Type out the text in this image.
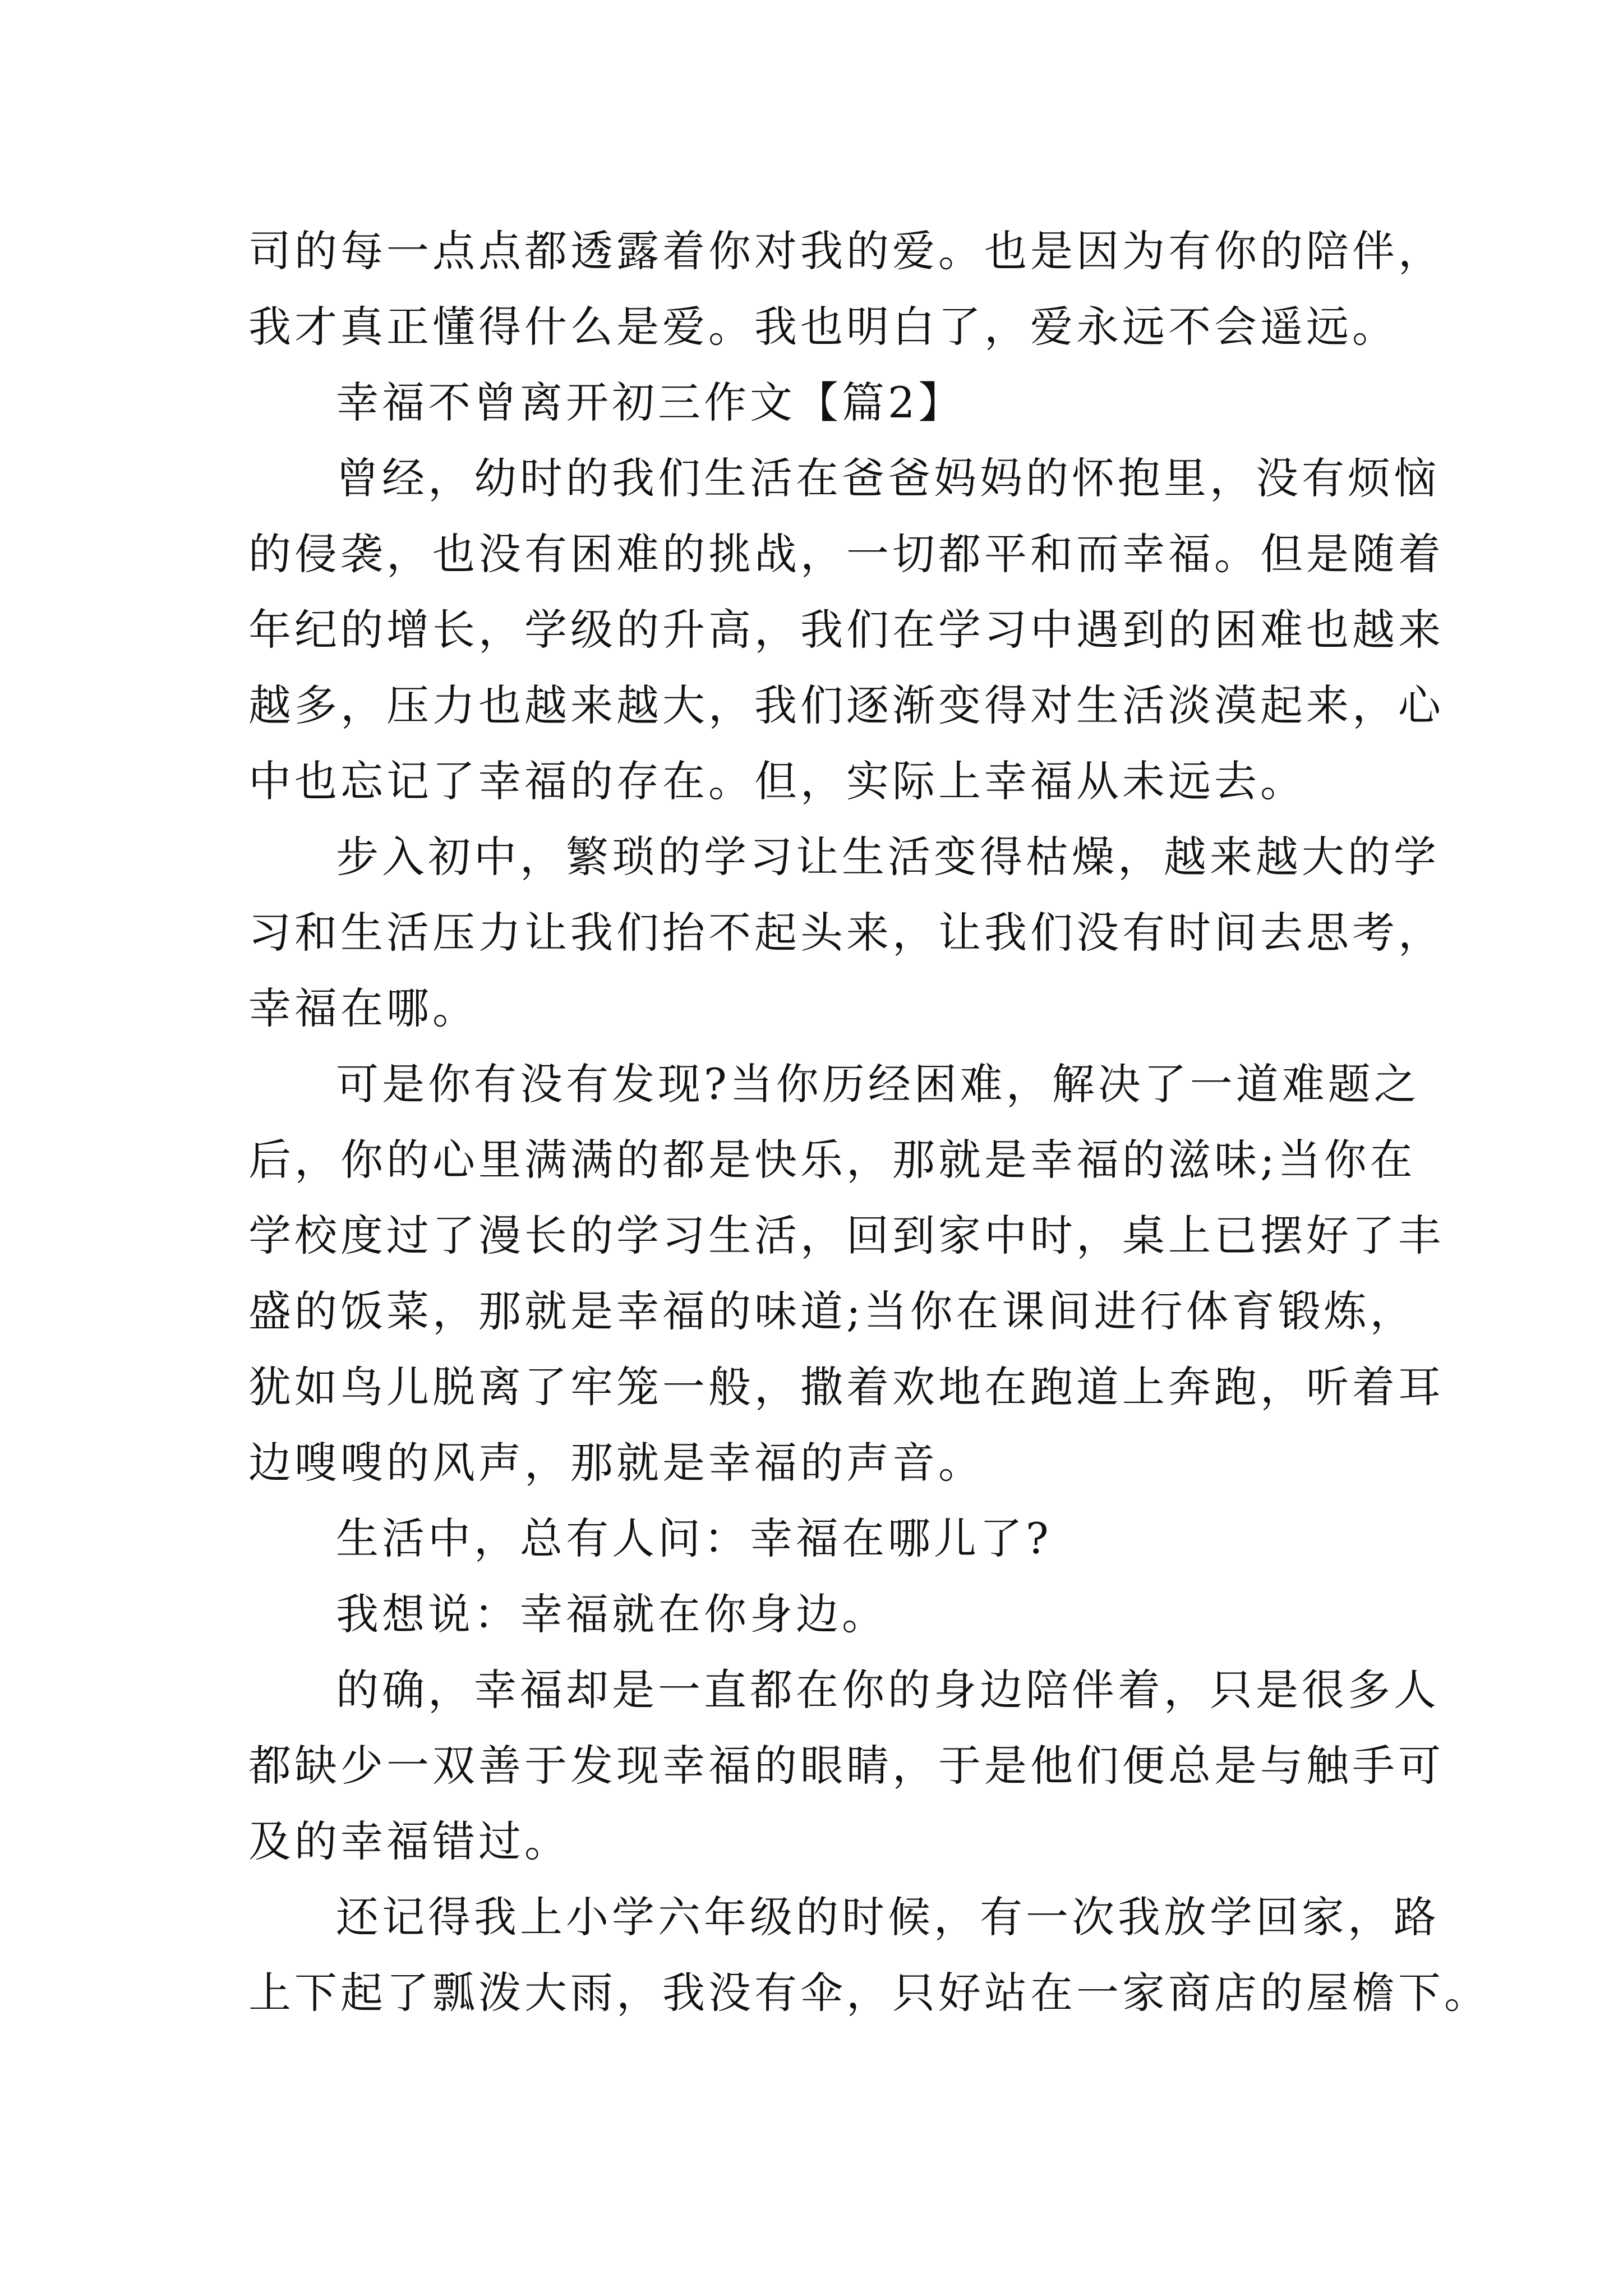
司的每一点点都透露着你对我的爱。也是因为有你的陪伴，
我才真正懂得什么是爱。我也明白了，爱永远不会遥远。

幸福不曾离开初三作文【篇2】

曾经，幼时的我们生活在爸爸妈妈的怀抱里，没有烦恼
的侵袭，也没有困难的挑战，一切都平和而幸福。但是随着
年纪的增长，学级的升高，我们在学习中遇到的困难也越来
越多，压力也越来越大，我们逐渐变得对生活淡漠起来，心
中也忘记了幸福的存在。但，实际上幸福从未远去。

步入初中，繁琐的学习让生活变得枯燥，越来越大的学
习和生活压力让我们抬不起头来，让我们没有时间去思考，
幸福在哪。

可是你有没有发现?当你历经困难，解决了一道难题之
后，你的心里满满的都是快乐，那就是幸福的滋味;当你在
学校度过了漫长的学习生活，回到家中时，桌上已摆好了丰
盛的饭菜，那就是幸福的味道;当你在课间进行体育锻炼，
犹如鸟儿脱离了牢笼一般，撒着欢地在跑道上奔跑，听着耳
边嗖嗖的风声，那就是幸福的声音。

生活中，总有人问：幸福在哪儿了?

我想说：幸福就在你身边。

的确，幸福却是一直都在你的身边陪伴着，只是很多人
都缺少一双善于发现幸福的眼睛，于是他们便总是与触手可
及的幸福错过。

还记得我上小学六年级的时候，有一次我放学回家，路
上下起了瓢泼大雨，我没有伞，只好站在一家商店的屋檐下。
